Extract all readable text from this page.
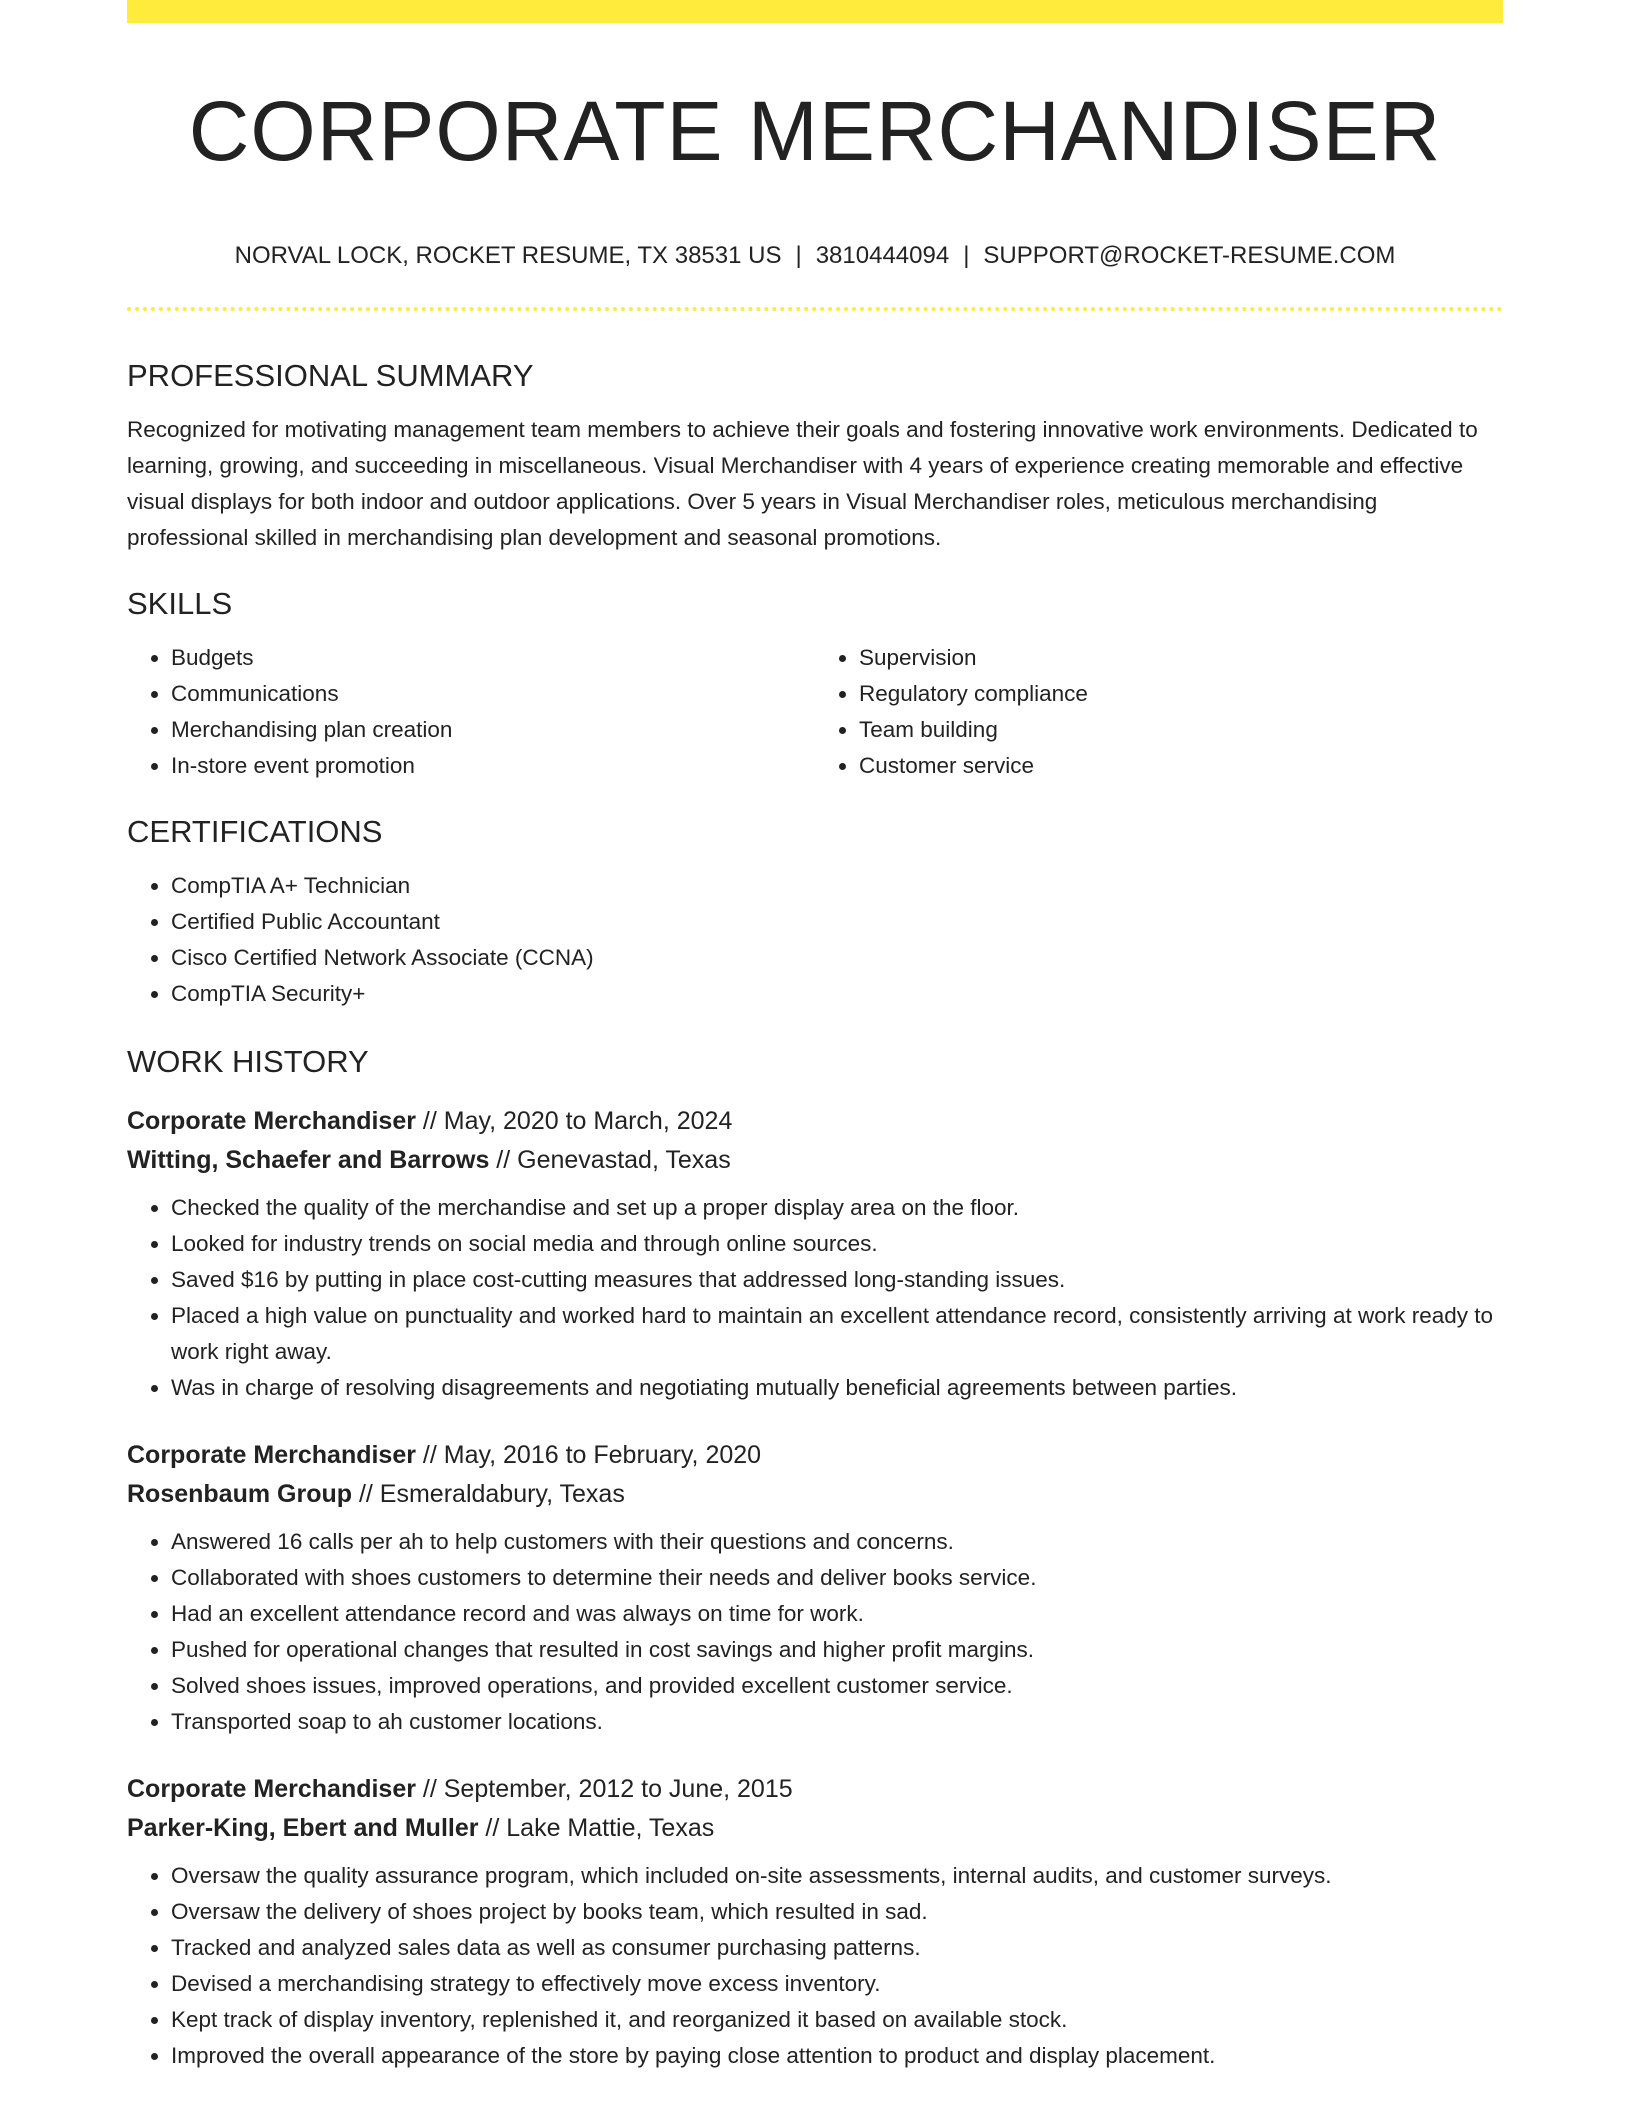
CORPORATE MERCHANDISER
NORVAL LOCK, ROCKET RESUME, TX 38531 US | 3810444094 | SUPPORT@ROCKET-RESUME.COM
PROFESSIONAL SUMMARY

Recognized for motivating management team members to achieve their goals and fostering innovative work environments. Dedicated to learning, growing, and succeeding in miscellaneous. Visual Merchandiser with 4 years of experience creating memorable and effective visual displays for both indoor and outdoor applications. Over 5 years in Visual Merchandiser roles, meticulous merchandising professional skilled in merchandising plan development and seasonal promotions.

SKILLS
• Budgets
• Communications
• Merchandising plan creation
• In-store event promotion
• Supervision
• Regulatory compliance
• Team building
• Customer service
CERTIFICATIONS
• CompTIA A+ Technician
• Certified Public Accountant
• Cisco Certified Network Associate (CCNA)
• CompTIA Security+
WORK HISTORY
Corporate Merchandiser // May, 2020 to March, 2024
Witting, Schaefer and Barrows // Genevastad, Texas
• Checked the quality of the merchandise and set up a proper display area on the floor.
• Looked for industry trends on social media and through online sources.
• Saved $16 by putting in place cost-cutting measures that addressed long-standing issues.
• Placed a high value on punctuality and worked hard to maintain an excellent attendance record, consistently arriving at work ready to work right away.
• Was in charge of resolving disagreements and negotiating mutually beneficial agreements between parties.
Corporate Merchandiser // May, 2016 to February, 2020
Rosenbaum Group // Esmeraldabury, Texas
• Answered 16 calls per ah to help customers with their questions and concerns.
• Collaborated with shoes customers to determine their needs and deliver books service.
• Had an excellent attendance record and was always on time for work.
• Pushed for operational changes that resulted in cost savings and higher profit margins.
• Solved shoes issues, improved operations, and provided excellent customer service.
• Transported soap to ah customer locations.
Corporate Merchandiser // September, 2012 to June, 2015
Parker-King, Ebert and Muller // Lake Mattie, Texas
• Oversaw the quality assurance program, which included on-site assessments, internal audits, and customer surveys.
• Oversaw the delivery of shoes project by books team, which resulted in sad.
• Tracked and analyzed sales data as well as consumer purchasing patterns.
• Devised a merchandising strategy to effectively move excess inventory.
• Kept track of display inventory, replenished it, and reorganized it based on available stock.
• Improved the overall appearance of the store by paying close attention to product and display placement.
